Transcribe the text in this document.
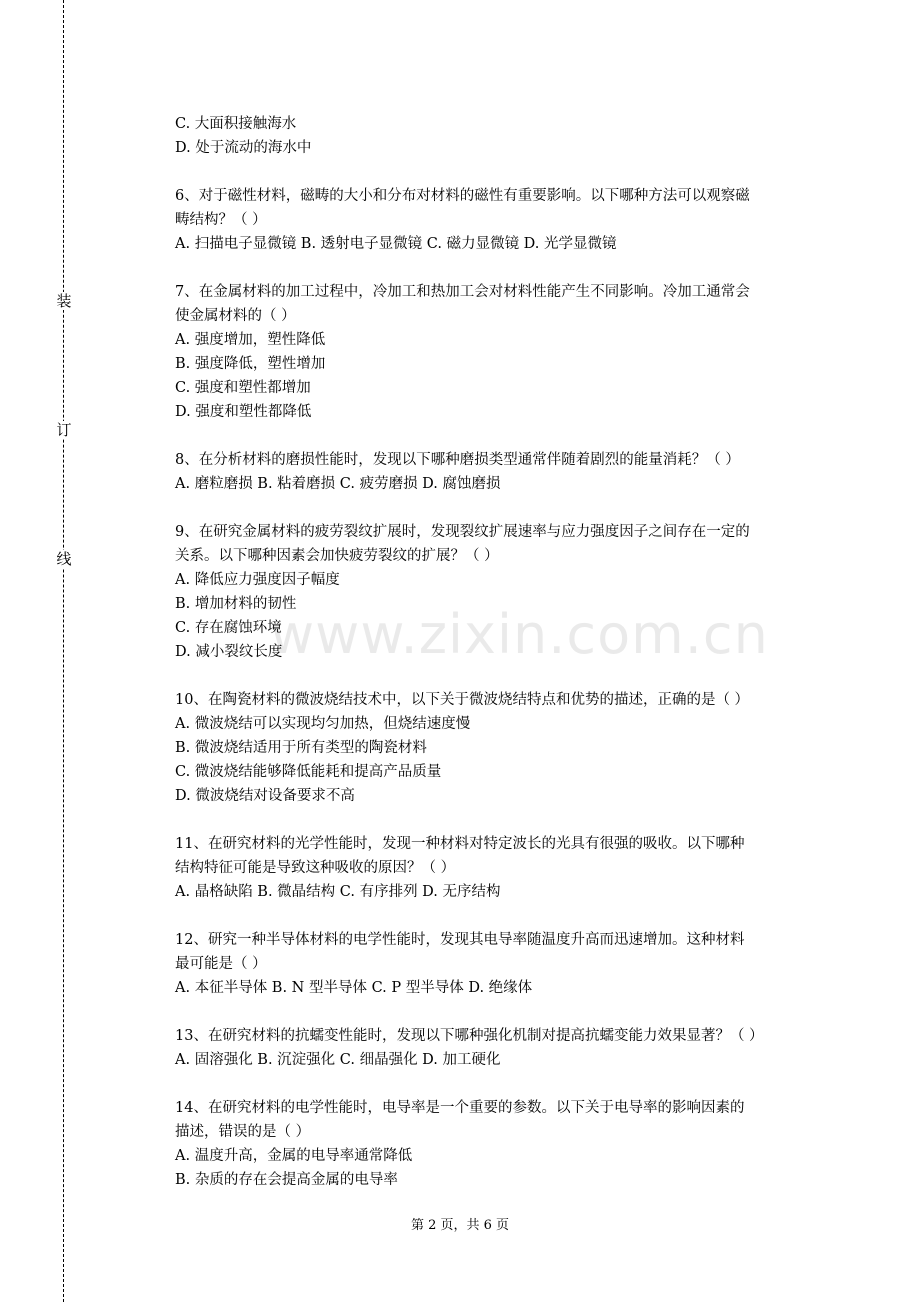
装
订
线
www.zixin.com.cn
C. 大面积接触海水
D. 处于流动的海水中
6、对于磁性材料，磁畴的大小和分布对材料的磁性有重要影响。以下哪种方法可以观察磁
畴结构？（ ）
A. 扫描电子显微镜 B. 透射电子显微镜 C. 磁力显微镜 D. 光学显微镜
7、在金属材料的加工过程中，冷加工和热加工会对材料性能产生不同影响。冷加工通常会
使金属材料的（ ）
A. 强度增加，塑性降低
B. 强度降低，塑性增加
C. 强度和塑性都增加
D. 强度和塑性都降低
8、在分析材料的磨损性能时，发现以下哪种磨损类型通常伴随着剧烈的能量消耗？（ ）
A. 磨粒磨损 B. 粘着磨损 C. 疲劳磨损 D. 腐蚀磨损
9、在研究金属材料的疲劳裂纹扩展时，发现裂纹扩展速率与应力强度因子之间存在一定的
关系。以下哪种因素会加快疲劳裂纹的扩展？（ ）
A. 降低应力强度因子幅度
B. 增加材料的韧性
C. 存在腐蚀环境
D. 减小裂纹长度
10、在陶瓷材料的微波烧结技术中，以下关于微波烧结特点和优势的描述，正确的是（ ）
A. 微波烧结可以实现均匀加热，但烧结速度慢
B. 微波烧结适用于所有类型的陶瓷材料
C. 微波烧结能够降低能耗和提高产品质量
D. 微波烧结对设备要求不高
11、在研究材料的光学性能时，发现一种材料对特定波长的光具有很强的吸收。以下哪种
结构特征可能是导致这种吸收的原因？（ ）
A. 晶格缺陷 B. 微晶结构 C. 有序排列 D. 无序结构
12、研究一种半导体材料的电学性能时，发现其电导率随温度升高而迅速增加。这种材料
最可能是（ ）
A. 本征半导体 B. N 型半导体 C. P 型半导体 D. 绝缘体
13、在研究材料的抗蠕变性能时，发现以下哪种强化机制对提高抗蠕变能力效果显著？（ ）
A. 固溶强化 B. 沉淀强化 C. 细晶强化 D. 加工硬化
14、在研究材料的电学性能时，电导率是一个重要的参数。以下关于电导率的影响因素的
描述，错误的是（ ）
A. 温度升高，金属的电导率通常降低
B. 杂质的存在会提高金属的电导率
第 2 页，共 6 页
